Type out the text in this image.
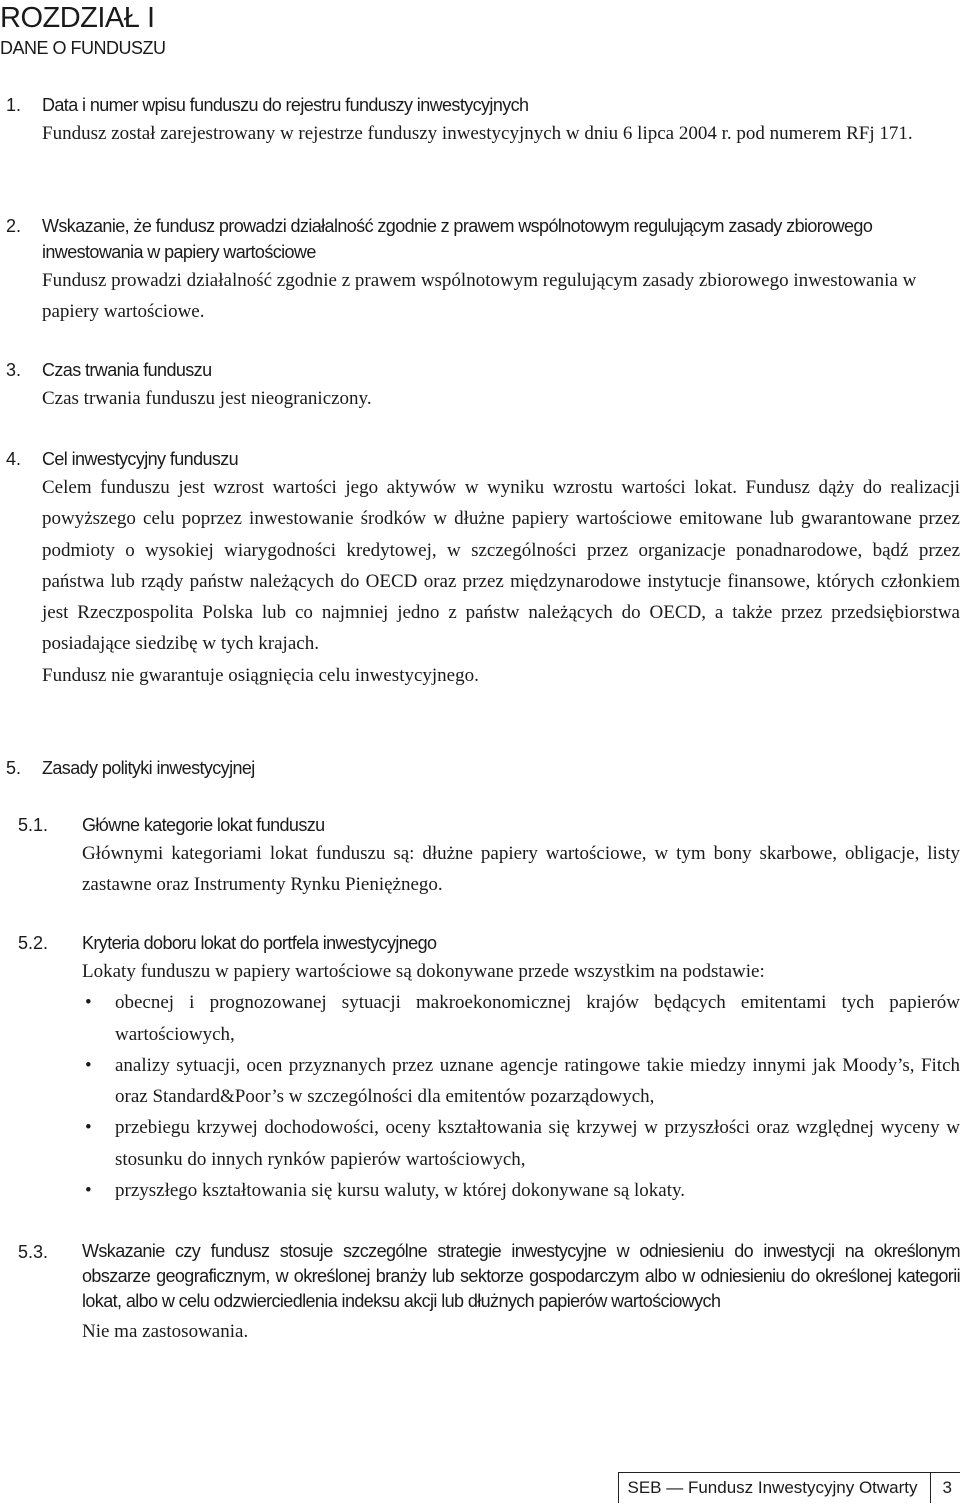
ROZDZIAŁ I
DANE O FUNDUSZU
1. Data i numer wpisu funduszu do rejestru funduszy inwestycyjnych
Fundusz został zarejestrowany w rejestrze funduszy inwestycyjnych w dniu 6 lipca 2004 r. pod numerem RFj 171.
2. Wskazanie, że fundusz prowadzi działalność zgodnie z prawem wspólnotowym regulującym zasady zbiorowego inwestowania w papiery wartościowe
Fundusz prowadzi działalność zgodnie z prawem wspólnotowym regulującym zasady zbiorowego inwestowania w papiery wartościowe.
3. Czas trwania funduszu
Czas trwania funduszu jest nieograniczony.
4. Cel inwestycyjny funduszu

Celem funduszu jest wzrost wartości jego aktywów w wyniku wzrostu wartości lokat. Fundusz dąży do realizacji powyższego celu poprzez inwestowanie środków w dłużne papiery wartościowe emitowane lub gwarantowane przez podmioty o wysokiej wiarygodności kredytowej, w szczególności przez organizacje ponadnarodowe, bądź przez państwa lub rządy państw należących do OECD oraz przez międzynarodowe instytucje finansowe, których członkiem jest Rzeczpospolita Polska lub co najmniej jedno z państw należących do OECD, a także przez przedsiębiorstwa posiadające siedzibę w tych krajach.

Fundusz nie gwarantuje osiągnięcia celu inwestycyjnego.

5. Zasady polityki inwestycyjnej
5.1. Główne kategorie lokat funduszu
Głównymi kategoriami lokat funduszu są: dłużne papiery wartościowe, w tym bony skarbowe, obligacje, listy zastawne oraz Instrumenty Rynku Pieniężnego.
5.2. Kryteria doboru lokat do portfela inwestycyjnego
Lokaty funduszu w papiery wartościowe są dokonywane przede wszystkim na podstawie:
• obecnej i prognozowanej sytuacji makroekonomicznej krajów będących emitentami tych papierów wartościowych,
• analizy sytuacji, ocen przyznanych przez uznane agencje ratingowe takie miedzy innymi jak Moody’s, Fitch oraz Standard&Poor’s w szczególności dla emitentów pozarządowych,
• przebiegu krzywej dochodowości, oceny kształtowania się krzywej w przyszłości oraz względnej wyceny w stosunku do innych rynków papierów wartościowych,
• przyszłego kształtowania się kursu waluty, w której dokonywane są lokaty.
5.3. Wskazanie czy fundusz stosuje szczególne strategie inwestycyjne w odniesieniu do inwestycji na określonym obszarze geograficznym, w określonej branży lub sektorze gospodarczym albo w odniesieniu do określonej kategorii lokat, albo w celu odzwierciedlenia indeksu akcji lub dłużnych papierów wartościowych
Nie ma zastosowania.
SEB — Fundusz Inwestycyjny Otwarty	3
